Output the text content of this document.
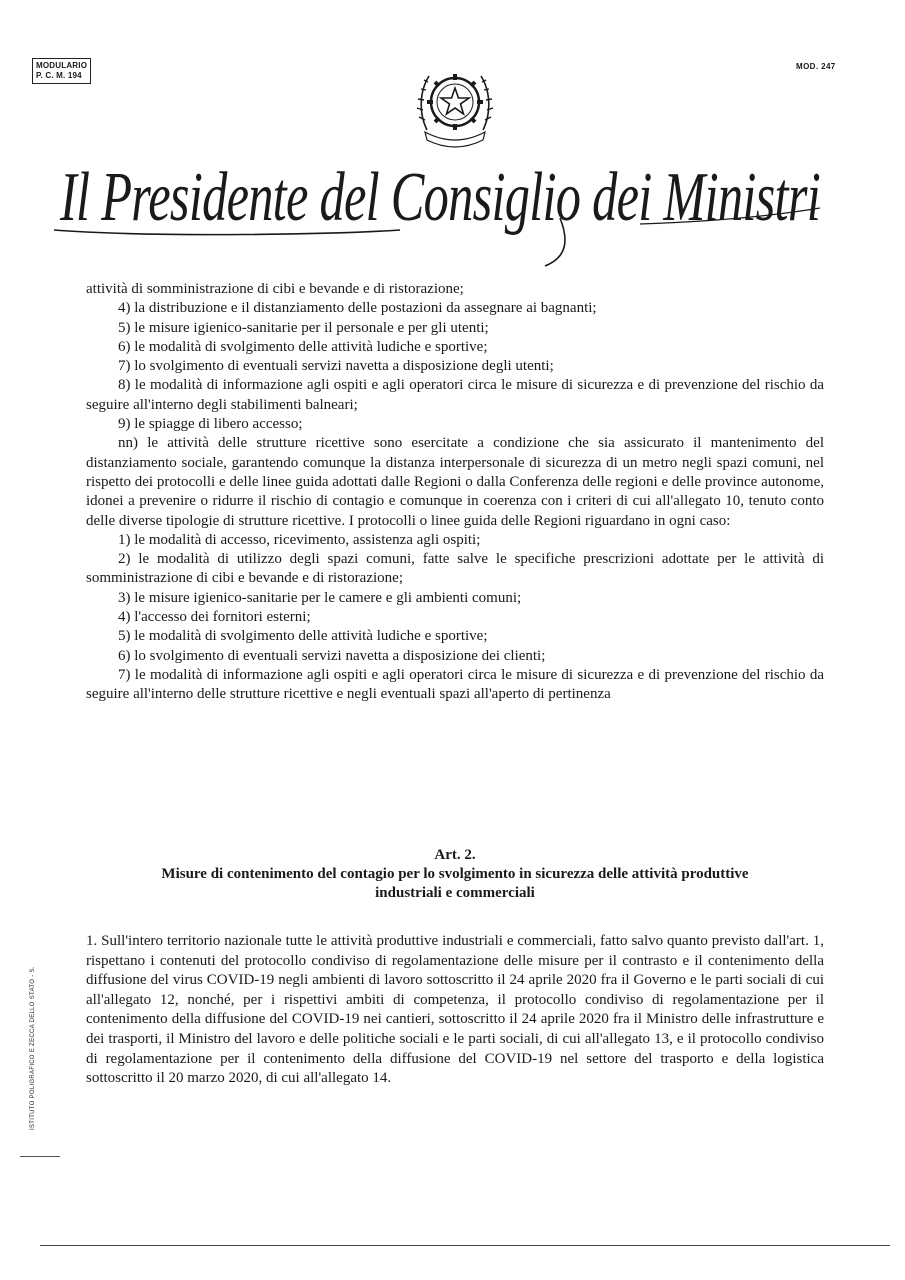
MODULARIO
P. C. M. 194
MOD. 247
Il Presidente del Consiglio dei Ministri

attività di somministrazione di cibi e bevande e di ristorazione;

4) la distribuzione e il distanziamento delle postazioni da assegnare ai bagnanti;

5) le misure igienico-sanitarie per il personale e per gli utenti;

6) le modalità di svolgimento delle attività ludiche e sportive;

7) lo svolgimento di eventuali servizi navetta a disposizione degli utenti;

8) le modalità di informazione agli ospiti e agli operatori circa le misure di sicurezza e di prevenzione del rischio da seguire all'interno degli stabilimenti balneari;

9) le spiagge di libero accesso;

nn) le attività delle strutture ricettive sono esercitate a condizione che sia assicurato il mantenimento del distanziamento sociale, garantendo comunque la distanza interpersonale di sicurezza di un metro negli spazi comuni, nel rispetto dei protocolli e delle linee guida adottati dalle Regioni o dalla Conferenza delle regioni e delle province autonome, idonei a prevenire o ridurre il rischio di contagio e comunque in coerenza con i criteri di cui all'allegato 10, tenuto conto delle diverse tipologie di strutture ricettive. I protocolli o linee guida delle Regioni riguardano in ogni caso:

1) le modalità di accesso, ricevimento, assistenza agli ospiti;

2) le modalità di utilizzo degli spazi comuni, fatte salve le specifiche prescrizioni adottate per le attività di somministrazione di cibi e bevande e di ristorazione;

3) le misure igienico-sanitarie per le camere e gli ambienti comuni;

4) l'accesso dei fornitori esterni;

5) le modalità di svolgimento delle attività ludiche e sportive;

6) lo svolgimento di eventuali servizi navetta a disposizione dei clienti;

7) le modalità di informazione agli ospiti e agli operatori circa le misure di sicurezza e di prevenzione del rischio da seguire all'interno delle strutture ricettive e negli eventuali spazi all'aperto di pertinenza

Art. 2.
Misure di contenimento del contagio per lo svolgimento in sicurezza delle attività produttive
industriali e commerciali

1. Sull'intero territorio nazionale tutte le attività produttive industriali e commerciali, fatto salvo quanto previsto dall'art. 1, rispettano i contenuti del protocollo condiviso di regolamentazione delle misure per il contrasto e il contenimento della diffusione del virus COVID-19 negli ambienti di lavoro sottoscritto il 24 aprile 2020 fra il Governo e le parti sociali di cui all'allegato 12, nonché, per i rispettivi ambiti di competenza, il protocollo condiviso di regolamentazione per il contenimento della diffusione del COVID-19 nei cantieri, sottoscritto il 24 aprile 2020 fra il Ministro delle infrastrutture e dei trasporti, il Ministro del lavoro e delle politiche sociali e le parti sociali, di cui all'allegato 13, e il protocollo condiviso di regolamentazione per il contenimento della diffusione del COVID-19 nel settore del trasporto e della logistica sottoscritto il 20 marzo 2020, di cui all'allegato 14.

ISTITUTO POLIGRAFICO E ZECCA DELLO STATO - S.
